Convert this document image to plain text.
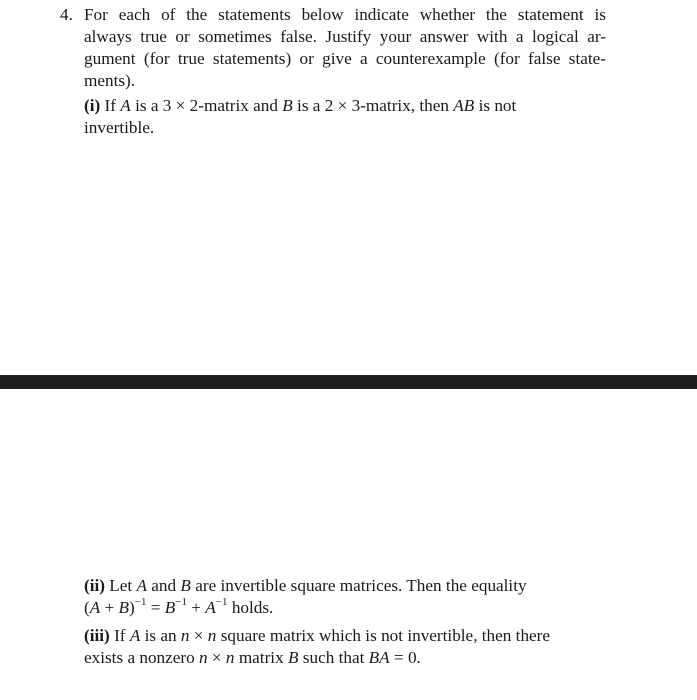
4. For each of the statements below indicate whether the statement is
always true or sometimes false. Justify your answer with a logical ar-
gument (for true statements) or give a counterexample (for false state-
ments).
(i) If A is a 3 × 2-matrix and B is a 2 × 3-matrix, then AB is not
invertible.
(ii) Let A and B are invertible square matrices. Then the equality
$(A + B)^{-1} = B^{-1} + A^{-1}$ holds.
(iii) If A is an n × n square matrix which is not invertible, then there
exists a nonzero n × n matrix B such that BA = 0.
